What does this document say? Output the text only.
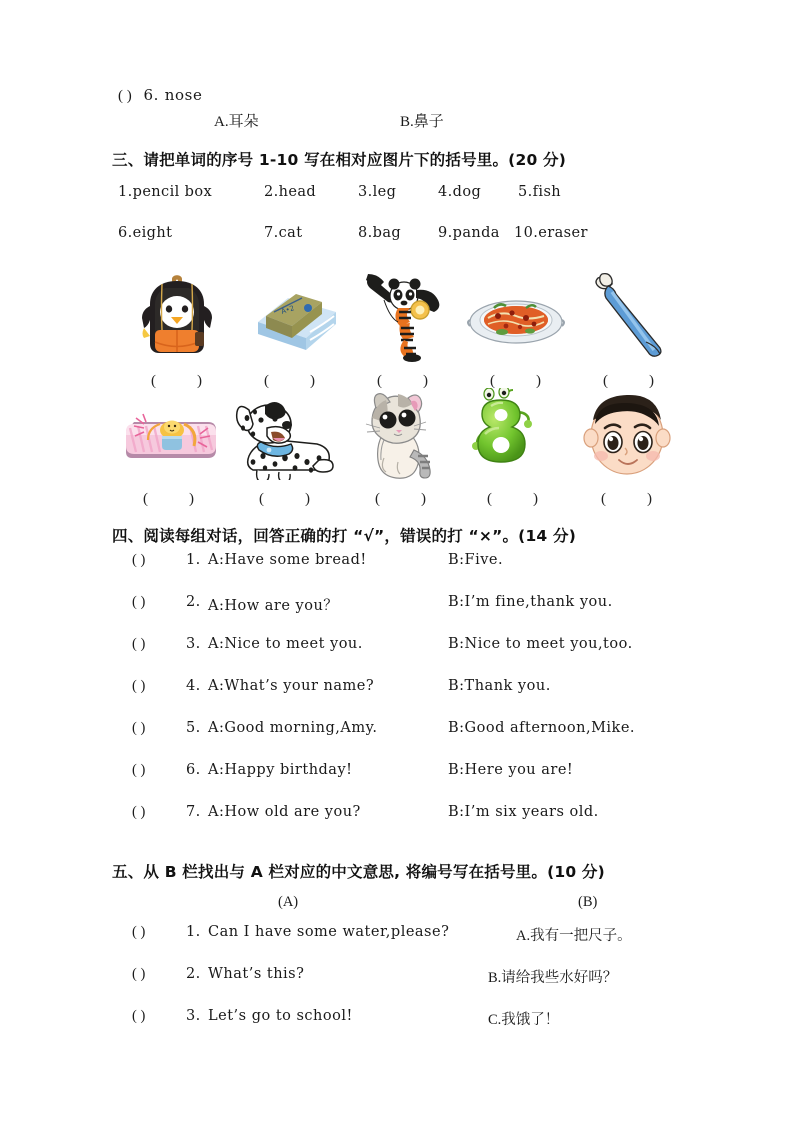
( ) 6. nose
A.耳朵	B.鼻子
三、请把单词的序号 1-10 写在相对应图片下的括号里。(20 分)
1. pencil box	2. head	3. leg	4. dog	5. fish
6. eight	7. cat	8. bag	9. panda 10. eraser
(	)
A•2
(	)	(	)	(	)	(	)
(	)	(	)	(	)	(	)	(	)
四、阅读每组对话，回答正确的打 “√”，错误的打 “×”。(14 分)
( )	1. A:Have some bread!	B:Five.
( )	2. A:How are you？	B:I’m fine,thank you.
( )	3. A:Nice to meet you.	B:Nice to meet you,too.
( )	4. A:What’s your name?	B:Thank you.
( )	5. A:Good morning,Amy.	B:Good afternoon,Mike.
( )	6. A:Happy birthday!	B:Here you are!
( )	7. A:How old are you?	B:I’m six years old.
五、从 B 栏找出与 A 栏对应的中文意思, 将编号写在括号里。(10 分)
(A)	(B)
( )	1. Can I have some water,please?	A.我有一把尺子。
( )	2. What’s this?	B.请给我些水好吗？
( )	3. Let’s go to school!	C.我饿了！
